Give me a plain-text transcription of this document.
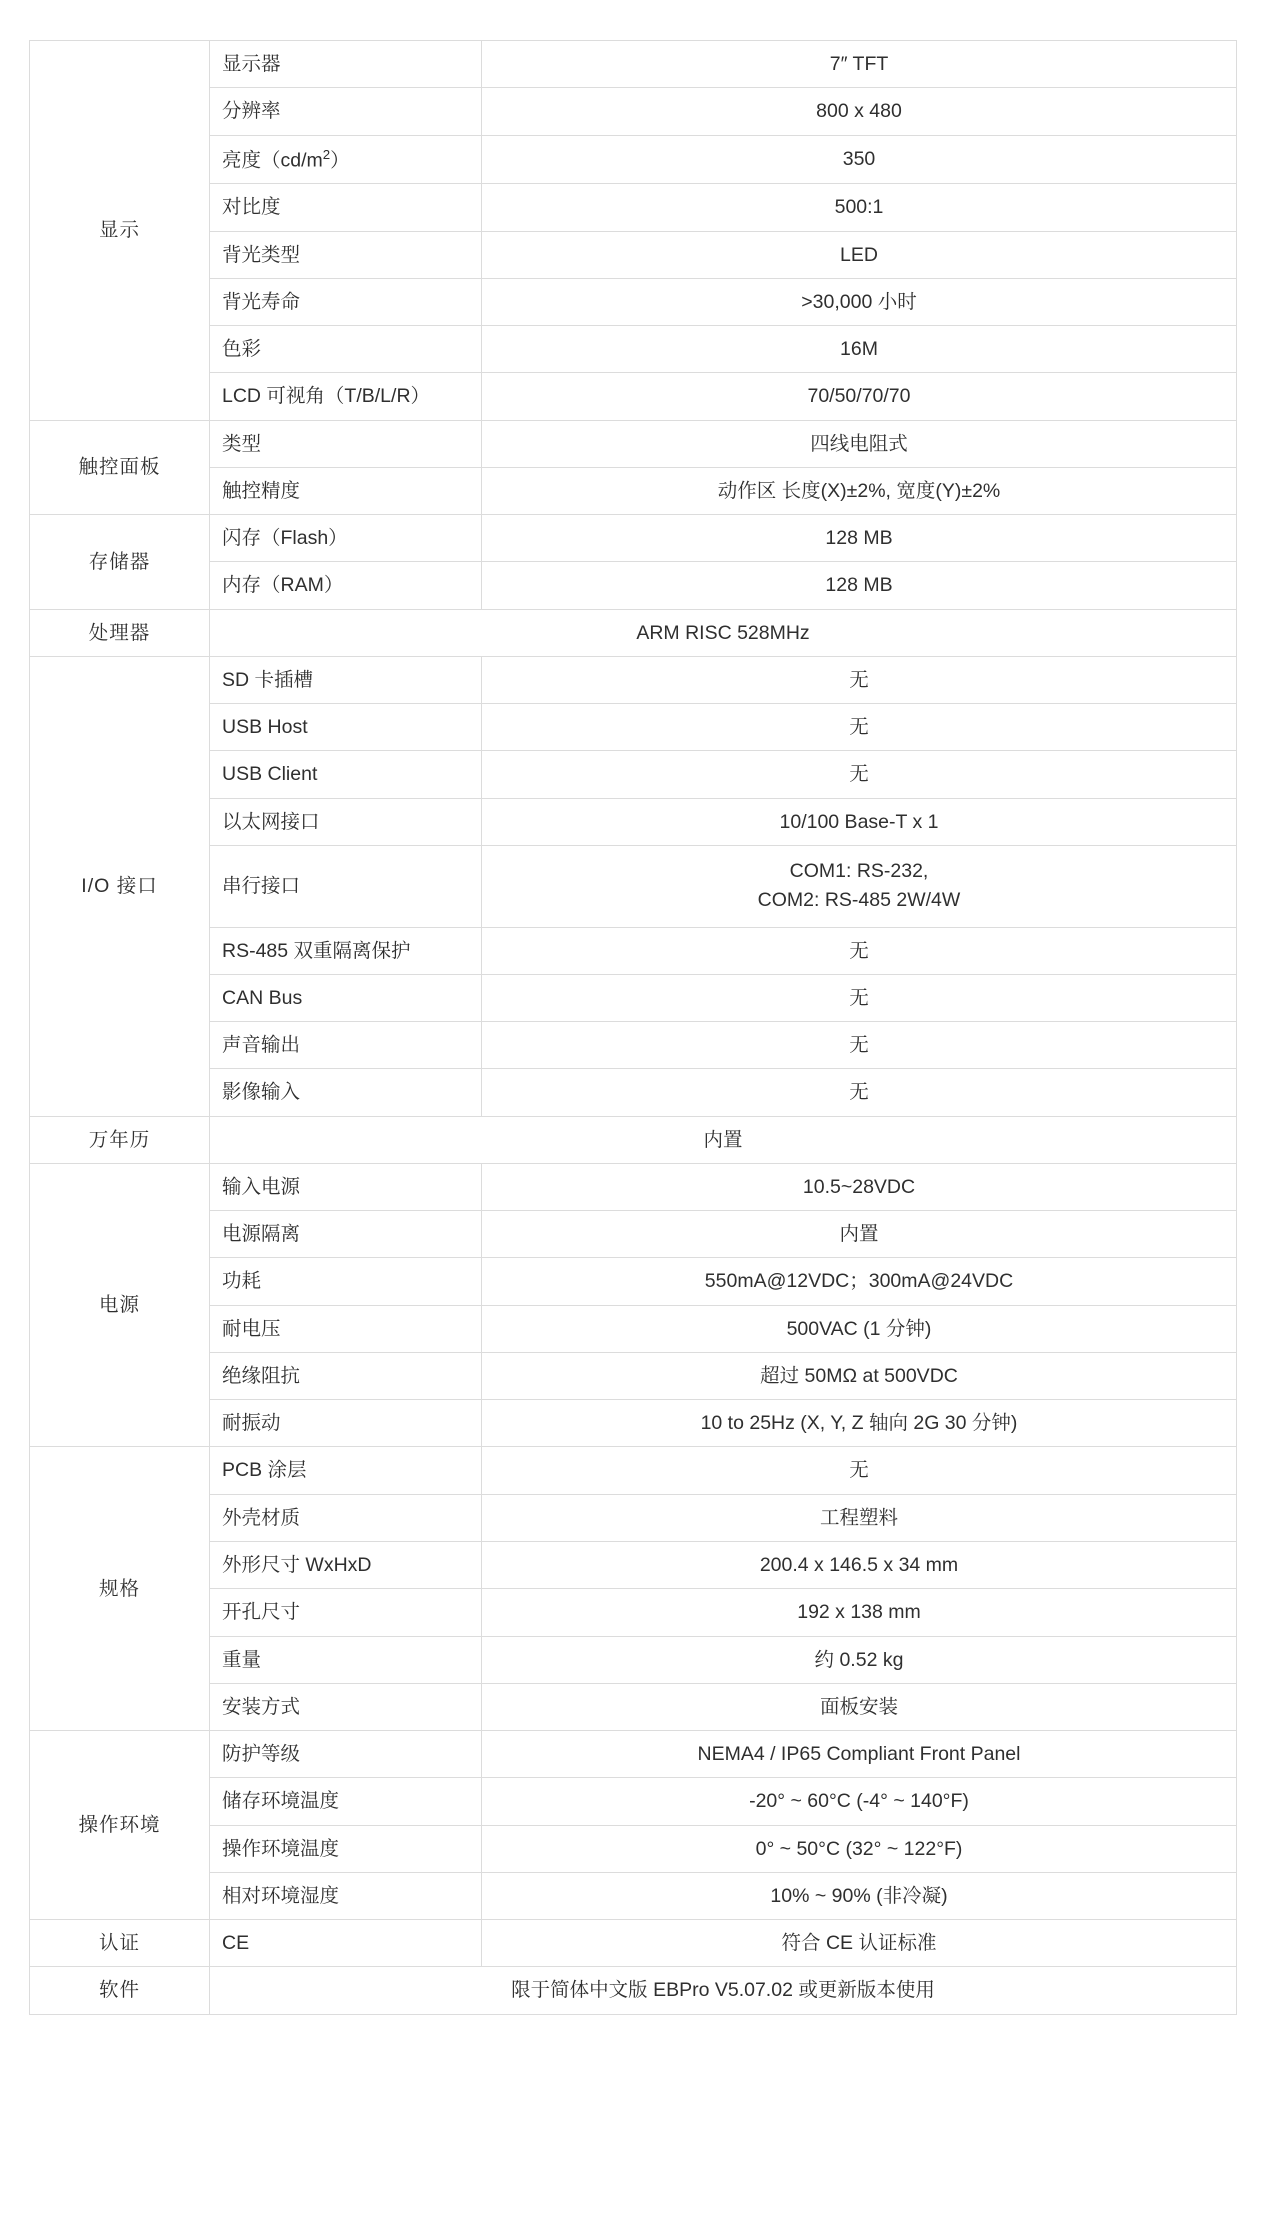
显示	显示器	7″ TFT
	分辨率	800 x 480
	亮度$(cd/m^2)$	350
	对比度	500:1
	背光类型	LED
	背光寿命	>30,000 小时
	色彩	16M
	LCD 可视角（T/B/L/R）	70/50/70/70
触控面板	类型	四线电阻式
	触控精度	动作区 长度(X)±2%, 宽度(Y)±2%
存储器	闪存（Flash）	128 MB
	内存（RAM）	128 MB
处理器	ARM RISC 528MHz	
I/O 接口	SD 卡插槽	无
	USB Host	无
	USB Client	无
	以太网接口	10/100 Base-T x 1
	串行接口	COM1: RS-232,
COM2: RS-485 2W/4W
	RS-485 双重隔离保护	无
	CAN Bus	无
	声音输出	无
	影像输入	无
万年历	内置	
电源	输入电源	10.5~28VDC
	电源隔离	内置
	功耗	550mA@12VDC；300mA@24VDC
	耐电压	500VAC (1 分钟)
	绝缘阻抗	超过 50MΩ at 500VDC
	耐振动	10 to 25Hz (X, Y, Z 轴向 2G 30 分钟)
规格	PCB 涂层	无
	外壳材质	工程塑料
	外形尺寸 WxHxD	200.4 x 146.5 x 34 mm
	开孔尺寸	192 x 138 mm
	重量	约 0.52 kg
	安装方式	面板安装
操作环境	防护等级	NEMA4 / IP65 Compliant Front Panel
	储存环境温度	-20° ~ 60°C (-4° ~ 140°F)
	操作环境温度	0° ~ 50°C (32° ~ 122°F)
	相对环境湿度	10% ~ 90% (非冷凝)
认证	CE	符合 CE 认证标准
软件	限于简体中文版 EBPro V5.07.02 或更新版本使用	
